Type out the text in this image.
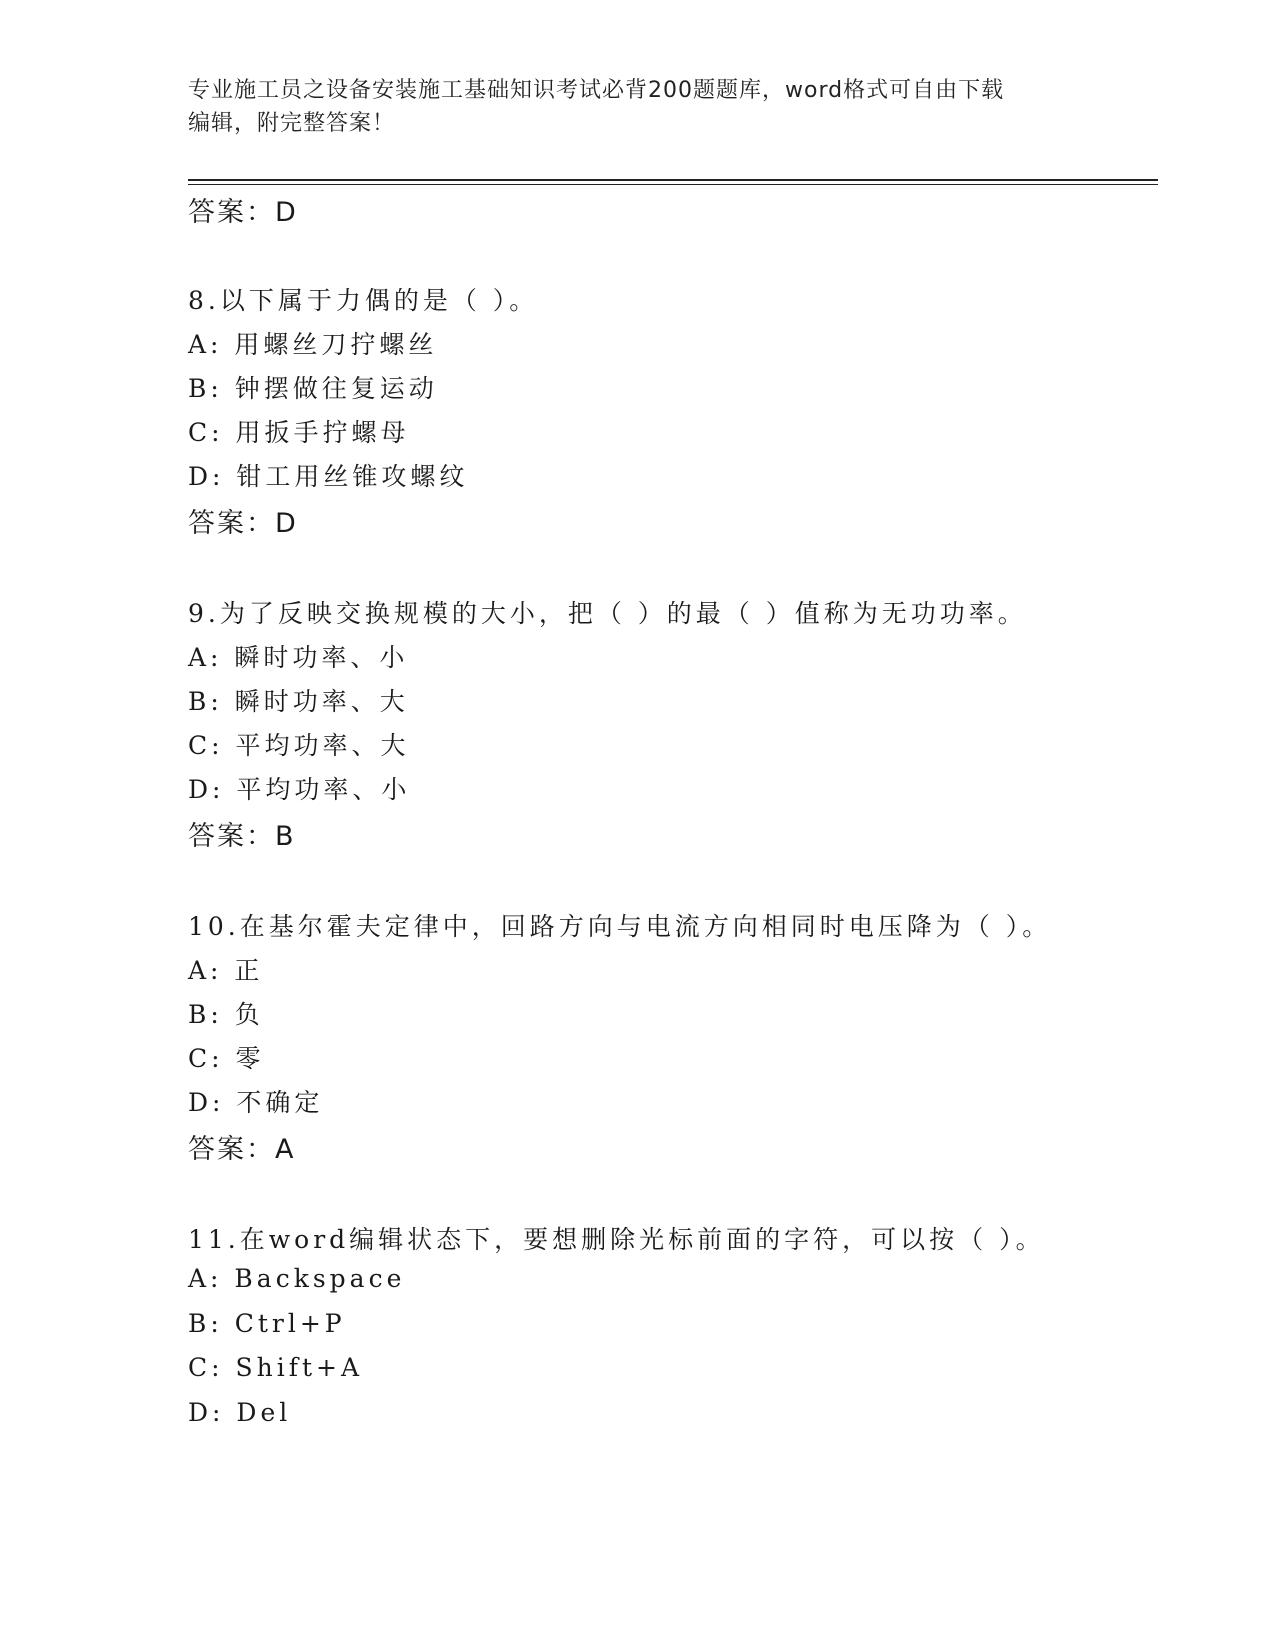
专业施工员之设备安装施工基础知识考试必背200题题库，word格式可自由下载
编辑，附完整答案！
答案：D
8.以下属于力偶的是（ ）。
A: 用螺丝刀拧螺丝
B: 钟摆做往复运动
C: 用扳手拧螺母
D: 钳工用丝锥攻螺纹
答案：D
9.为了反映交换规模的大小，把（ ）的最（ ）值称为无功功率。
A: 瞬时功率、小
B: 瞬时功率、大
C: 平均功率、大
D: 平均功率、小
答案：B
10.在基尔霍夫定律中，回路方向与电流方向相同时电压降为（ ）。
A: 正
B: 负
C: 零
D: 不确定
答案：A
11.在word编辑状态下，要想删除光标前面的字符，可以按（ ）。
A: Backspace
B: Ctrl+P
C: Shift+A
D: Del
